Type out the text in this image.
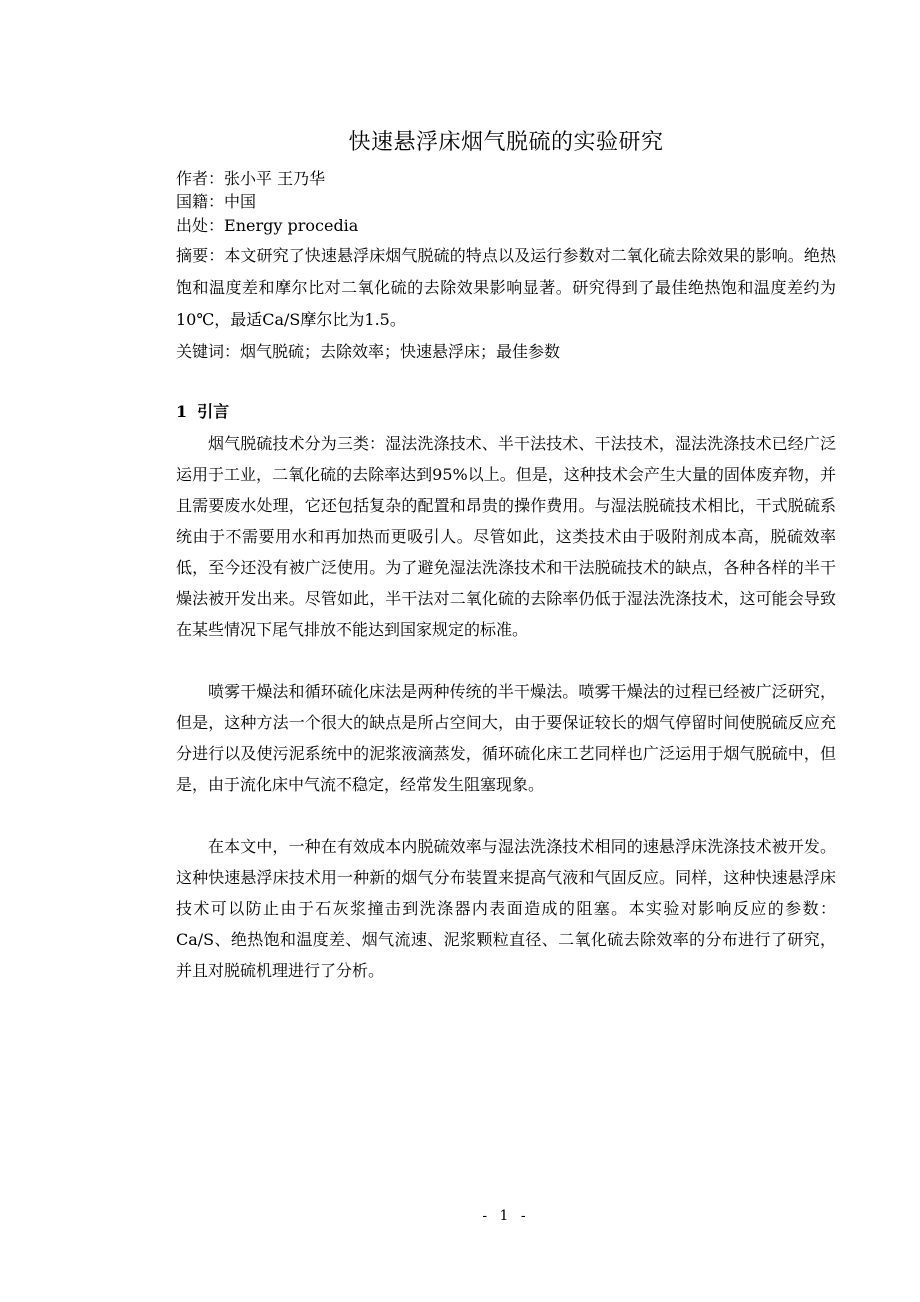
快速悬浮床烟气脱硫的实验研究

作者：张小平 王乃华

国籍：中国

出处：Energy procedia

摘要：本文研究了快速悬浮床烟气脱硫的特点以及运行参数对二氧化硫去除效果的影响。绝热饱和温度差和摩尔比对二氧化硫的去除效果影响显著。研究得到了最佳绝热饱和温度差约为10℃，最适Ca/S摩尔比为1.5。

关键词：烟气脱硫；去除效率；快速悬浮床；最佳参数

1 引言

烟气脱硫技术分为三类：湿法洗涤技术、半干法技术、干法技术，湿法洗涤技术已经广泛运用于工业，二氧化硫的去除率达到95%以上。但是，这种技术会产生大量的固体废弃物，并且需要废水处理，它还包括复杂的配置和昂贵的操作费用。与湿法脱硫技术相比，干式脱硫系统由于不需要用水和再加热而更吸引人。尽管如此，这类技术由于吸附剂成本高，脱硫效率低，至今还没有被广泛使用。为了避免湿法洗涤技术和干法脱硫技术的缺点，各种各样的半干燥法被开发出来。尽管如此，半干法对二氧化硫的去除率仍低于湿法洗涤技术，这可能会导致在某些情况下尾气排放不能达到国家规定的标准。

喷雾干燥法和循环硫化床法是两种传统的半干燥法。喷雾干燥法的过程已经被广泛研究，但是，这种方法一个很大的缺点是所占空间大，由于要保证较长的烟气停留时间使脱硫反应充分进行以及使污泥系统中的泥浆液滴蒸发，循环硫化床工艺同样也广泛运用于烟气脱硫中，但是，由于流化床中气流不稳定，经常发生阻塞现象。

在本文中，一种在有效成本内脱硫效率与湿法洗涤技术相同的速悬浮床洗涤技术被开发。这种快速悬浮床技术用一种新的烟气分布装置来提高气液和气固反应。同样，这种快速悬浮床技术可以防止由于石灰浆撞击到洗涤器内表面造成的阻塞。本实验对影响反应的参数：Ca/S、绝热饱和温度差、烟气流速、泥浆颗粒直径、二氧化硫去除效率的分布进行了研究，并且对脱硫机理进行了分析。

- 1 -
